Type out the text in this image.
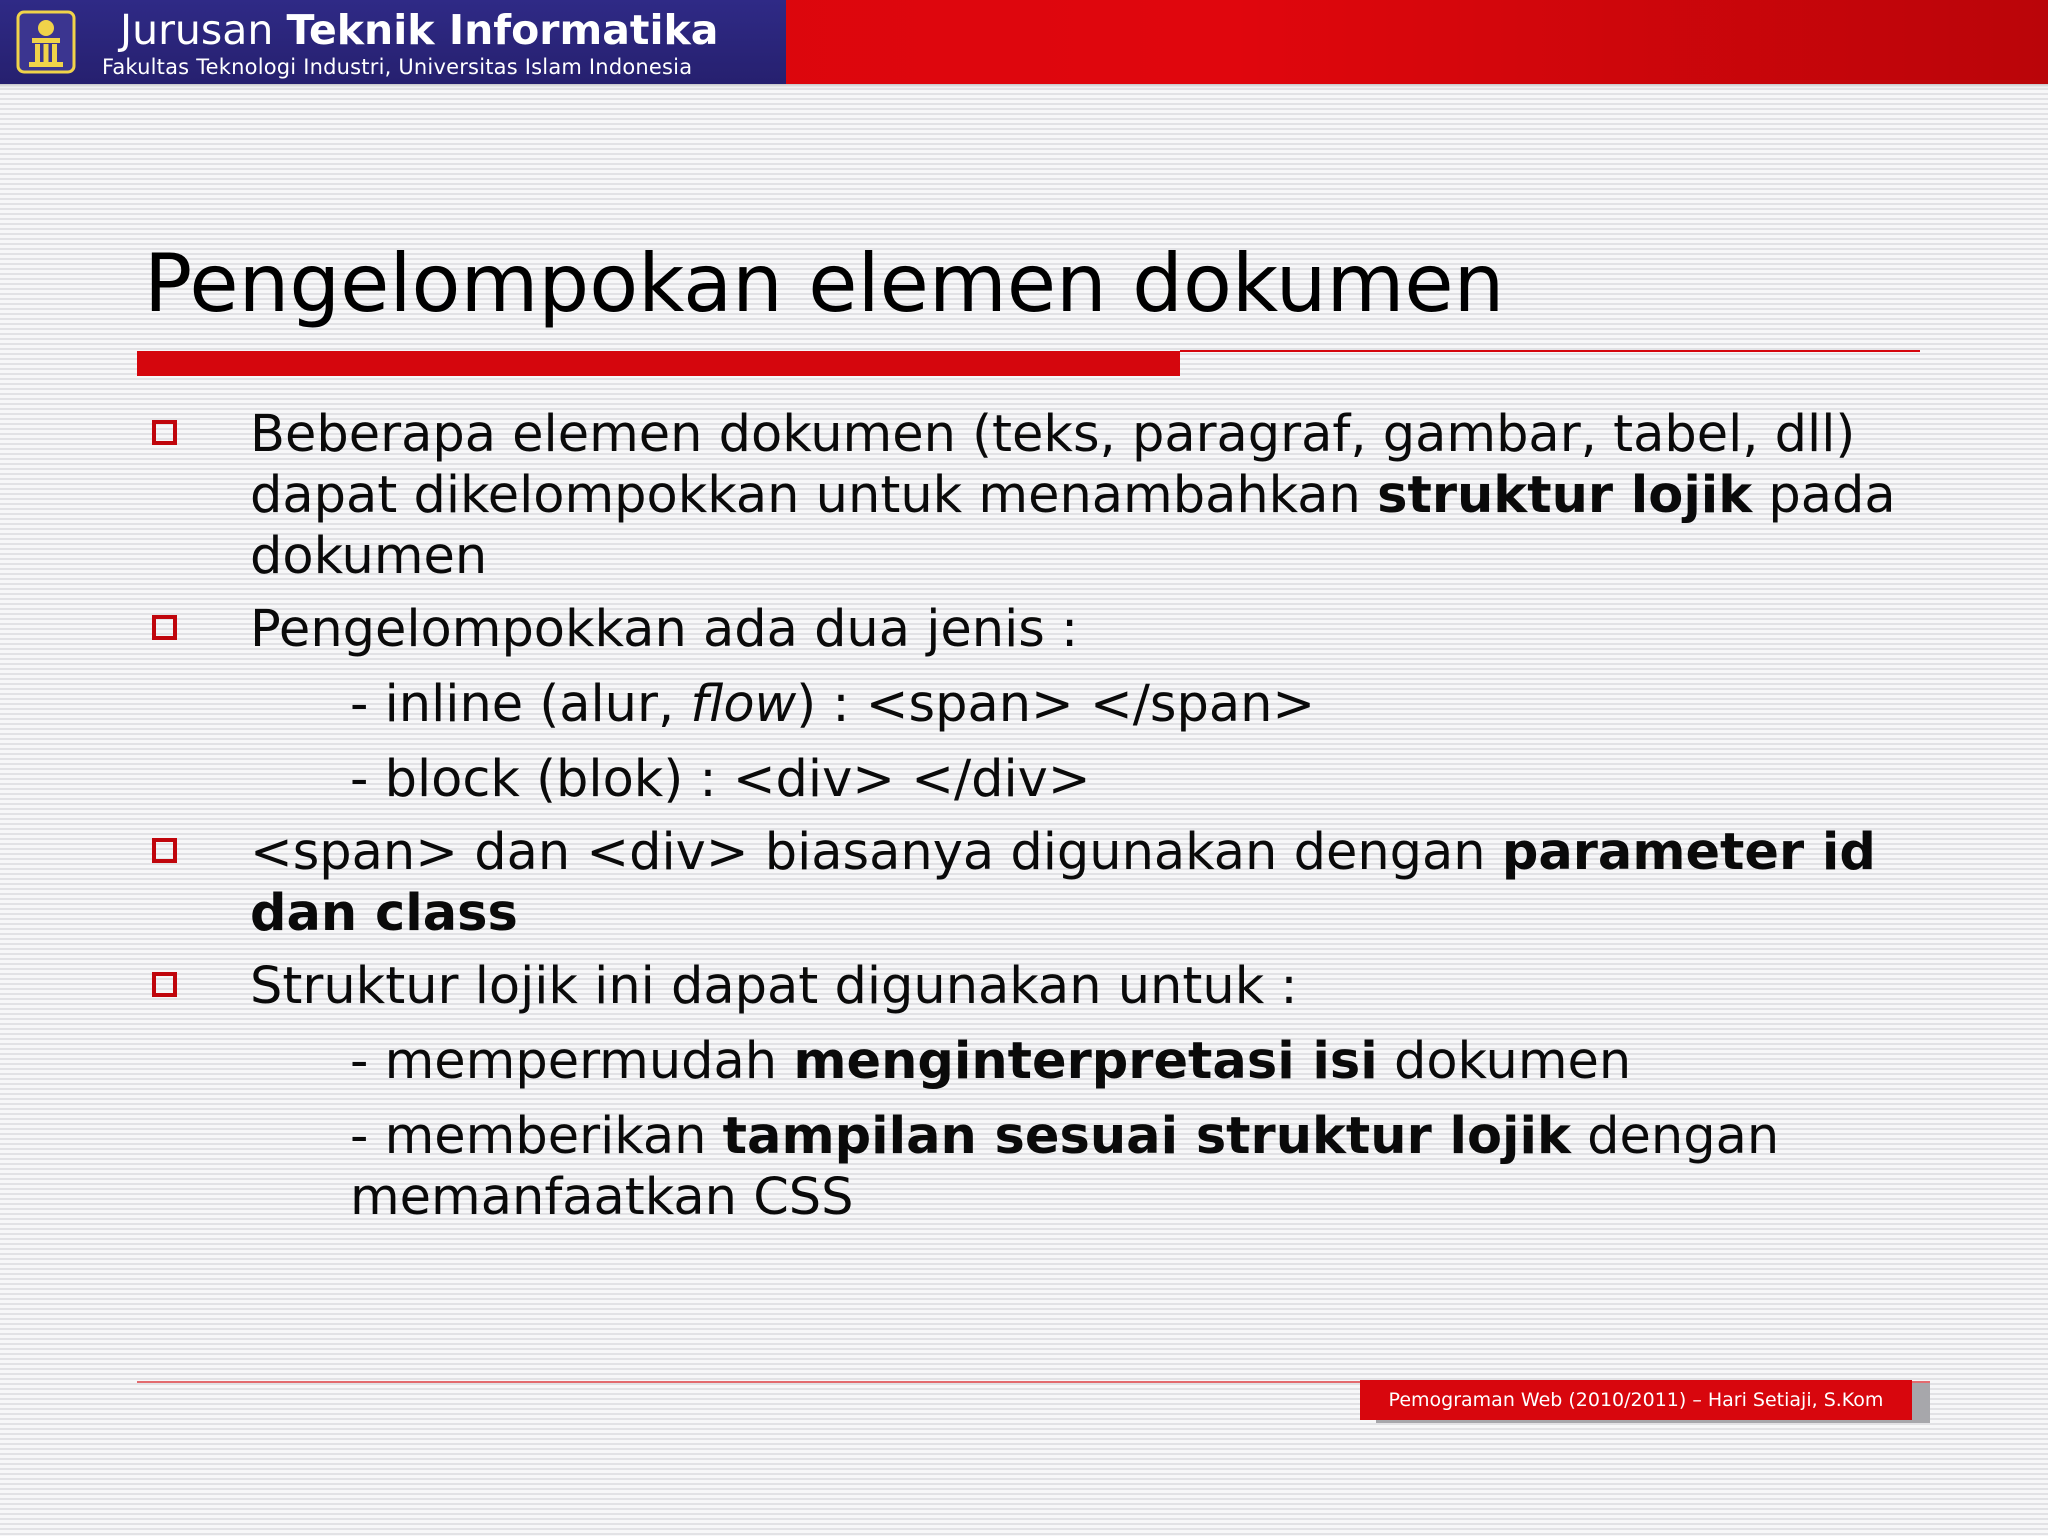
Jurusan Teknik Informatika
Fakultas Teknologi Industri, Universitas Islam Indonesia
Pengelompokan elemen dokumen
Beberapa elemen dokumen (teks, paragraf, gambar, tabel, dll) dapat dikelompokkan untuk menambahkan struktur lojik pada dokumen
Pengelompokkan ada dua jenis :
- inline (alur, flow) : <span> </span>
- block (blok) : <div> </div>
<span> dan <div> biasanya digunakan dengan parameter id dan class
Struktur lojik ini dapat digunakan untuk :
- mempermudah menginterpretasi isi dokumen
- memberikan tampilan sesuai struktur lojik dengan memanfaatkan CSS
Pemograman Web (2010/2011) – Hari Setiaji, S.Kom
